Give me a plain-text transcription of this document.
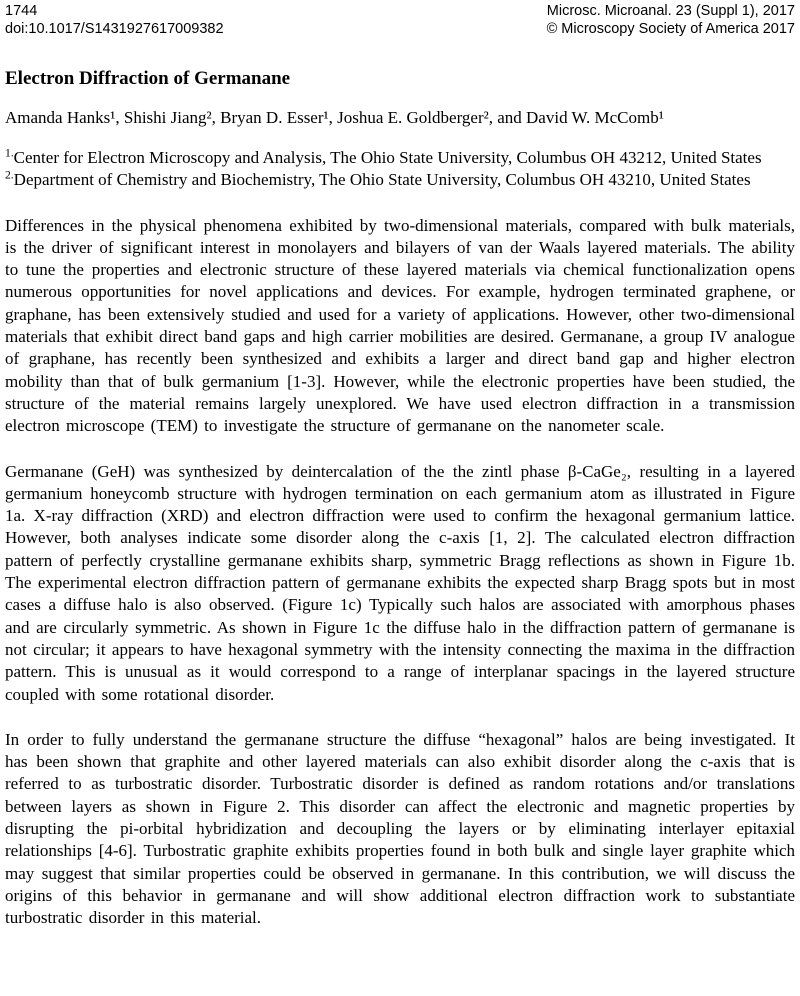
1744
doi:10.1017/S1431927617009382
Microsc. Microanal. 23 (Suppl 1), 2017
© Microscopy Society of America 2017
Electron Diffraction of Germanane

Amanda Hanks¹, Shishi Jiang², Bryan D. Esser¹, Joshua E. Goldberger², and David W. McComb¹

$^{1.}$Center for Electron Microscopy and Analysis, The Ohio State University, Columbus OH 43212, United States

$^{2.}$Department of Chemistry and Biochemistry, The Ohio State University, Columbus OH 43210, United States

Differences in the physical phenomena exhibited by two-dimensional materials, compared with bulk materials, is the driver of significant interest in monolayers and bilayers of van der Waals layered materials. The ability to tune the properties and electronic structure of these layered materials via chemical functionalization opens numerous opportunities for novel applications and devices. For example, hydrogen terminated graphene, or graphane, has been extensively studied and used for a variety of applications. However, other two-dimensional materials that exhibit direct band gaps and high carrier mobilities are desired. Germanane, a group IV analogue of graphane, has recently been synthesized and exhibits a larger and direct band gap and higher electron mobility than that of bulk germanium [1-3]. However, while the electronic properties have been studied, the structure of the material remains largely unexplored. We have used electron diffraction in a transmission electron microscope (TEM) to investigate the structure of germanane on the nanometer scale.

Germanane (GeH) was synthesized by deintercalation of the the zintl phase β-CaGe₂, resulting in a layered germanium honeycomb structure with hydrogen termination on each germanium atom as illustrated in Figure 1a. X-ray diffraction (XRD) and electron diffraction were used to confirm the hexagonal germanium lattice. However, both analyses indicate some disorder along the c-axis [1, 2]. The calculated electron diffraction pattern of perfectly crystalline germanane exhibits sharp, symmetric Bragg reflections as shown in Figure 1b. The experimental electron diffraction pattern of germanane exhibits the expected sharp Bragg spots but in most cases a diffuse halo is also observed. (Figure 1c) Typically such halos are associated with amorphous phases and are circularly symmetric. As shown in Figure 1c the diffuse halo in the diffraction pattern of germanane is not circular; it appears to have hexagonal symmetry with the intensity connecting the maxima in the diffraction pattern. This is unusual as it would correspond to a range of interplanar spacings in the layered structure coupled with some rotational disorder.

In order to fully understand the germanane structure the diffuse “hexagonal” halos are being investigated. It has been shown that graphite and other layered materials can also exhibit disorder along the c-axis that is referred to as turbostratic disorder. Turbostratic disorder is defined as random rotations and/or translations between layers as shown in Figure 2. This disorder can affect the electronic and magnetic properties by disrupting the pi-orbital hybridization and decoupling the layers or by eliminating interlayer epitaxial relationships [4-6]. Turbostratic graphite exhibits properties found in both bulk and single layer graphite which may suggest that similar properties could be observed in germanane. In this contribution, we will discuss the origins of this behavior in germanane and will show additional electron diffraction work to substantiate turbostratic disorder in this material.
